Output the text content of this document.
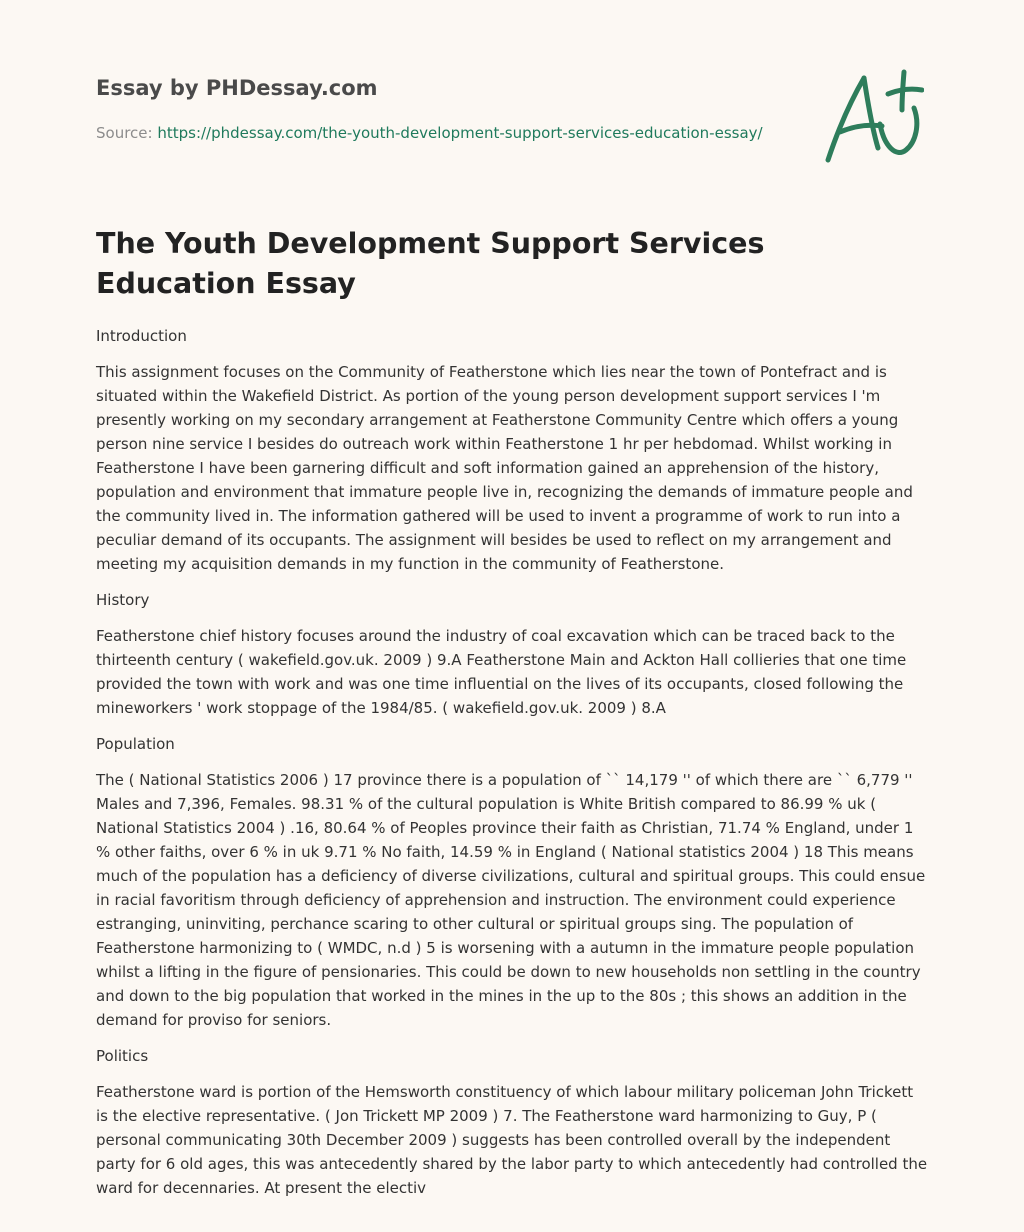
Essay by PHDessay.com
Source: https://phdessay.com/the-youth-development-support-services-education-essay/
The Youth Development Support Services Education Essay
Introduction

This assignment focuses on the Community of Featherstone which lies near the town of Pontefract and is situated within the Wakefield District. As portion of the young person development support services I 'm presently working on my secondary arrangement at Featherstone Community Centre which offers a young person nine service I besides do outreach work within Featherstone 1 hr per hebdomad. Whilst working in Featherstone I have been garnering difficult and soft information gained an apprehension of the history, population and environment that immature people live in, recognizing the demands of immature people and the community lived in. The information gathered will be used to invent a programme of work to run into a peculiar demand of its occupants. The assignment will besides be used to reflect on my arrangement and meeting my acquisition demands in my function in the community of Featherstone.

History

Featherstone chief history focuses around the industry of coal excavation which can be traced back to the thirteenth century ( wakefield.gov.uk. 2009 ) 9.A Featherstone Main and Ackton Hall collieries that one time provided the town with work and was one time influential on the lives of its occupants, closed following the mineworkers ' work stoppage of the 1984/85. ( wakefield.gov.uk. 2009 ) 8.A

Population

The ( National Statistics 2006 ) 17 province there is a population of `` 14,179 '' of which there are `` 6,779 '' Males and 7,396, Females. 98.31 % of the cultural population is White British compared to 86.99 % uk ( National Statistics 2004 ) .16, 80.64 % of Peoples province their faith as Christian, 71.74 % England, under 1 % other faiths, over 6 % in uk 9.71 % No faith, 14.59 % in England ( National statistics 2004 ) 18 This means much of the population has a deficiency of diverse civilizations, cultural and spiritual groups. This could ensue in racial favoritism through deficiency of apprehension and instruction. The environment could experience estranging, uninviting, perchance scaring to other cultural or spiritual groups sing. The population of Featherstone harmonizing to ( WMDC, n.d ) 5 is worsening with a autumn in the immature people population whilst a lifting in the figure of pensionaries. This could be down to new households non settling in the country and down to the big population that worked in the mines in the up to the 80s ; this shows an addition in the demand for proviso for seniors.

Politics

Featherstone ward is portion of the Hemsworth constituency of which labour military policeman John Trickett is the elective representative. ( Jon Trickett MP 2009 ) 7. The Featherstone ward harmonizing to Guy, P ( personal communicating 30th December 2009 ) suggests has been controlled overall by the independent party for 6 old ages, this was antecedently shared by the labor party to which antecedently had controlled the ward for decennaries. At present the electiv
